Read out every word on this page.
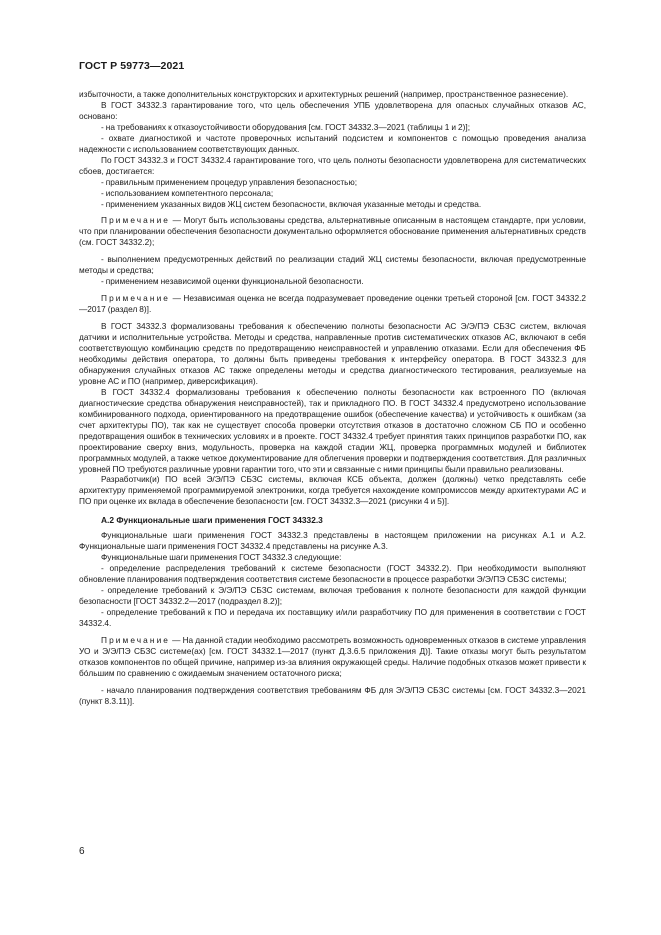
ГОСТ Р 59773—2021

избыточности, а также дополнительных конструкторских и архитектурных решений (например, пространственное разнесение).

В ГОСТ 34332.3 гарантирование того, что цель обеспечения УПБ удовлетворена для опасных случайных отказов АС, основано:

- на требованиях к отказоустойчивости оборудования [см. ГОСТ 34332.3—2021 (таблицы 1 и 2)];

- охвате диагностикой и частоте проверочных испытаний подсистем и компонентов с помощью проведения анализа надежности с использованием соответствующих данных.

По ГОСТ 34332.3 и ГОСТ 34332.4 гарантирование того, что цель полноты безопасности удовлетворена для систематических сбоев, достигается:

- правильным применением процедур управления безопасностью;

- использованием компетентного персонала;

- применением указанных видов ЖЦ систем безопасности, включая указанные методы и средства.

Примечание — Могут быть использованы средства, альтернативные описанным в настоящем стандарте, при условии, что при планировании обеспечения безопасности документально оформляется обоснование применения альтернативных средств (см. ГОСТ 34332.2);

- выполнением предусмотренных действий по реализации стадий ЖЦ системы безопасности, включая предусмотренные методы и средства;

- применением независимой оценки функциональной безопасности.

Примечание — Независимая оценка не всегда подразумевает проведение оценки третьей стороной [см. ГОСТ 34332.2—2017 (раздел 8)].

В ГОСТ 34332.3 формализованы требования к обеспечению полноты безопасности АС Э/Э/ПЭ СБЗС систем, включая датчики и исполнительные устройства. Методы и средства, направленные против систематических отказов АС, включают в себя соответствующую комбинацию средств по предотвращению неисправностей и управлению отказами. Если для обеспечения ФБ необходимы действия оператора, то должны быть приведены требования к интерфейсу оператора. В ГОСТ 34332.3 для обнаружения случайных отказов АС также определены методы и средства диагностического тестирования, реализуемые на уровне АС и ПО (например, диверсификация).

В ГОСТ 34332.4 формализованы требования к обеспечению полноты безопасности как встроенного ПО (включая диагностические средства обнаружения неисправностей), так и прикладного ПО. В ГОСТ 34332.4 предусмотрено использование комбинированного подхода, ориентированного на предотвращение ошибок (обеспечение качества) и устойчивость к ошибкам (за счет архитектуры ПО), так как не существует способа проверки отсутствия отказов в достаточно сложном СБ ПО и особенно предотвращения ошибок в технических условиях и в проекте. ГОСТ 34332.4 требует принятия таких принципов разработки ПО, как проектирование сверху вниз, модульность, проверка на каждой стадии ЖЦ, проверка программных модулей и библиотек программных модулей, а также четкое документирование для облегчения проверки и подтверждения соответствия. Для различных уровней ПО требуются различные уровни гарантии того, что эти и связанные с ними принципы были правильно реализованы.

Разработчик(и) ПО всей Э/Э/ПЭ СБЗС системы, включая КСБ объекта, должен (должны) четко представлять себе архитектуру применяемой программируемой электроники, когда требуется нахождение компромиссов между архитектурами АС и ПО при оценке их вклада в обеспечение безопасности [см. ГОСТ 34332.3—2021 (рисунки 4 и 5)].

А.2 Функциональные шаги применения ГОСТ 34332.3

Функциональные шаги применения ГОСТ 34332.3 представлены в настоящем приложении на рисунках А.1 и А.2. Функциональные шаги применения ГОСТ 34332.4 представлены на рисунке А.3.

Функциональные шаги применения ГОСТ 34332.3 следующие:

- определение распределения требований к системе безопасности (ГОСТ 34332.2). При необходимости выполняют обновление планирования подтверждения соответствия системе безопасности в процессе разработки Э/Э/ПЭ СБЗС системы;

- определение требований к Э/Э/ПЭ СБЗС системам, включая требования к полноте безопасности для каждой функции безопасности [ГОСТ 34332.2—2017 (подраздел 8.2)];

- определение требований к ПО и передача их поставщику и/или разработчику ПО для применения в соответствии с ГОСТ 34332.4.

Примечание — На данной стадии необходимо рассмотреть возможность одновременных отказов в системе управления УО и Э/Э/ПЭ СБЗС системе(ах) [см. ГОСТ 34332.1—2017 (пункт Д.3.6.5 приложения Д)]. Такие отказы могут быть результатом отказов компонентов по общей причине, например из-за влияния окружающей среды. Наличие подобных отказов может привести к бóльшим по сравнению с ожидаемым значением остаточного риска;

- начало планирования подтверждения соответствия требованиям ФБ для Э/Э/ПЭ СБЗС системы [см. ГОСТ 34332.3—2021 (пункт 8.3.11)].

6
